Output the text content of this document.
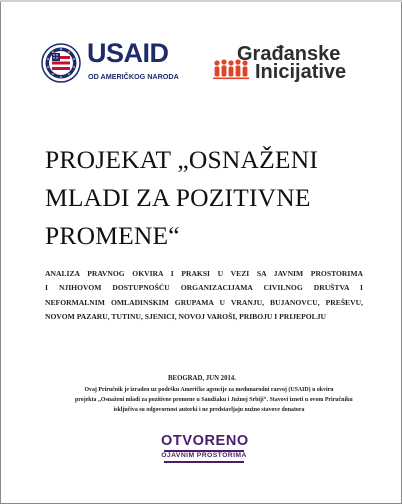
USAID
OD AMERIČKOG NARODA
Građanske
Inicijative
PROJEKAT „OSNAŽENI
MLADI ZA POZITIVNE
PROMENE“
ANALIZA PRAVNOG OKVIRA I PRAKSI U VEZI SA JAVNIM PROSTORIMA
I NJIHOVOM DOSTUPNOŠĆU ORGANIZACIJAMA CIVILNOG DRUŠTVA I
NEFORMALNIM OMLADINSKIM GRUPAMA U VRANJU, BUJANOVCU, PREŠEVU,
NOVOM PAZARU, TUTINU, SJENICI, NOVOJ VAROŠI, PRIBOJU I PRIJEPOLJU
BEOGRAD, JUN 2014.
Ovaj Priručnik je izrađen uz podršku Američke agencije za međunarodni razvoj (USAID) u okviru
projekta „Osnaženi mladi za pozitivne promene u Sandžaku i Južnoj Srbiji“. Stavovi izneti u ovom Priručniku
isključiva su odgovornost autorki i ne predstavljaju nužno stavove donatora
OTVORENO
OJAVNIM PROSTORIMA
